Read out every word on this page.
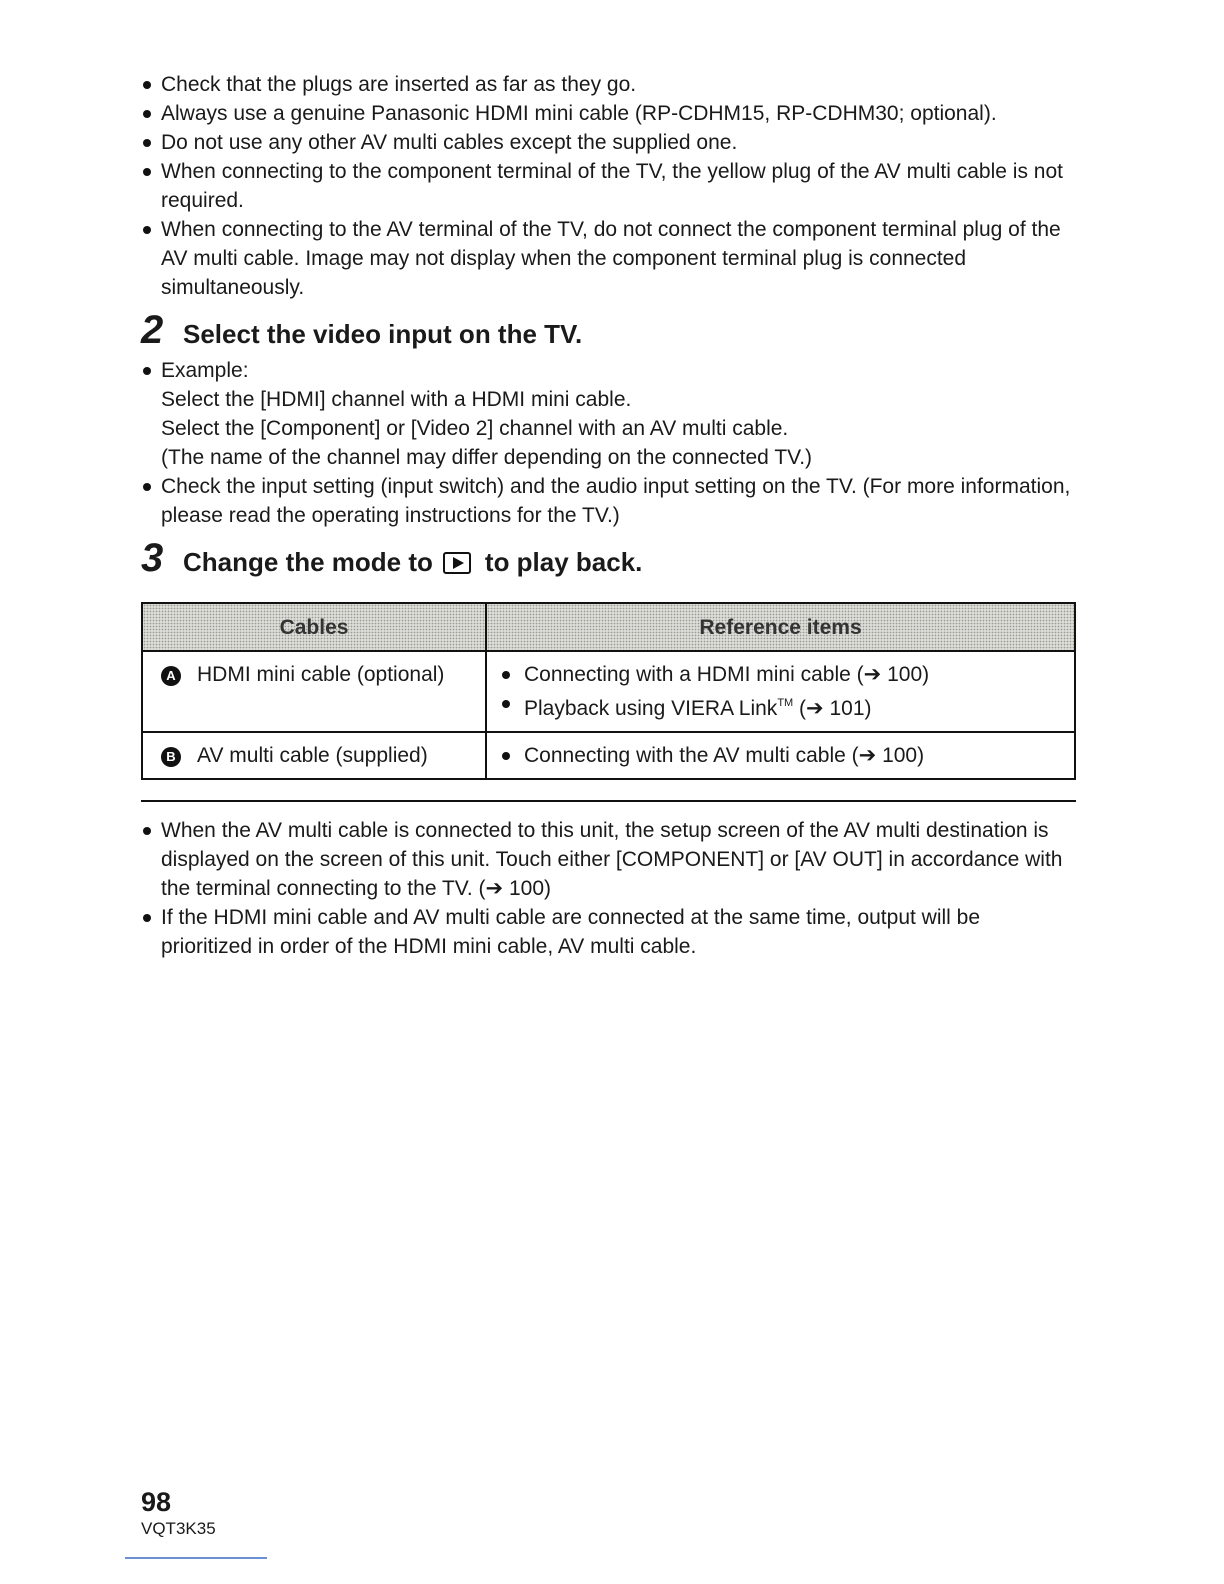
Check that the plugs are inserted as far as they go.
Always use a genuine Panasonic HDMI mini cable (RP-CDHM15, RP-CDHM30; optional).
Do not use any other AV multi cables except the supplied one.
When connecting to the component terminal of the TV, the yellow plug of the AV multi cable is not required.
When connecting to the AV terminal of the TV, do not connect the component terminal plug of the AV multi cable. Image may not display when the component terminal plug is connected simultaneously.
2 Select the video input on the TV.
Example:
Select the [HDMI] channel with a HDMI mini cable.
Select the [Component] or [Video 2] channel with an AV multi cable.
(The name of the channel may differ depending on the connected TV.)
Check the input setting (input switch) and the audio input setting on the TV. (For more information, please read the operating instructions for the TV.)
3 Change the mode to to play back.
Cables	Reference items
A HDMI mini cable (optional)	Connecting with a HDMI mini cable (➔ 100)
Playback using VIERA Link™ (➔ 101)

B AV multi cable (supplied)	Connecting with the AV multi cable (➔ 100)
When the AV multi cable is connected to this unit, the setup screen of the AV multi destination is displayed on the screen of this unit. Touch either [COMPONENT] or [AV OUT] in accordance with the terminal connecting to the TV. (➔ 100)
If the HDMI mini cable and AV multi cable are connected at the same time, output will be prioritized in order of the HDMI mini cable, AV multi cable.
98
VQT3K35
